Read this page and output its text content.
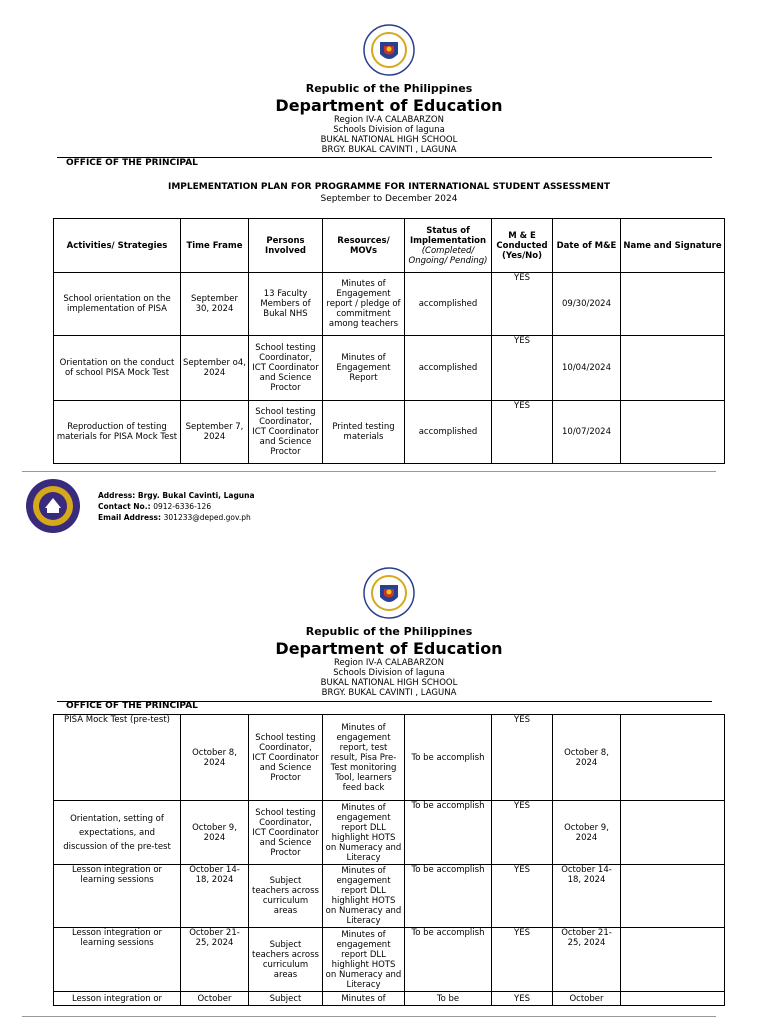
Republic of the Philippines
Department of Education
Region IV-A CALABARZON
Schools Division of laguna
BUKAL NATIONAL HIGH SCHOOL
BRGY. BUKAL CAVINTI , LAGUNA
OFFICE OF THE PRINCIPAL
IMPLEMENTATION PLAN FOR PROGRAMME FOR INTERNATIONAL STUDENT ASSESSMENT
September to December 2024
Activities/ Strategies	Time Frame	Persons Involved	Resources/ MOVs	Status of Implementation (Completed/ Ongoing/ Pending)	M & E Conducted (Yes/No)	Date of M&E	Name and Signature
School orientation on the implementation of PISA	September 30, 2024	13 Faculty Members of Bukal NHS	Minutes of Engagement report / pledge of commitment among teachers	accomplished	YES	09/30/2024	
Orientation on the conduct of school PISA Mock Test	September o4, 2024	School testing Coordinator, ICT Coordinator and Science Proctor	Minutes of Engagement Report	accomplished	YES	10/04/2024	
Reproduction of testing materials for PISA Mock Test	September 7, 2024	School testing Coordinator, ICT Coordinator and Science Proctor	Printed testing materials	accomplished	YES	10/07/2024	
Address: Brgy. Bukal Cavinti, Laguna
Contact No.: 0912-6336-126
Email Address: 301233@deped.gov.ph
Republic of the Philippines
Department of Education
Region IV-A CALABARZON
Schools Division of laguna
BUKAL NATIONAL HIGH SCHOOL
BRGY. BUKAL CAVINTI , LAGUNA
OFFICE OF THE PRINCIPAL
PISA Mock Test (pre-test)	October 8, 2024	School testing Coordinator, ICT Coordinator and Science Proctor	Minutes of engagement report, test result, Pisa Pre-Test monitoring Tool, learners feed back	To be accomplish	YES	October 8, 2024	
Orientation, setting of expectations, and discussion of the pre-test	October 9, 2024	School testing Coordinator, ICT Coordinator and Science Proctor	Minutes of engagement report DLL highlight HOTS on Numeracy and Literacy	To be accomplish	YES	October 9, 2024	
Lesson integration or learning sessions	October 14-18, 2024	Subject teachers across curriculum areas	Minutes of engagement report DLL highlight HOTS on Numeracy and Literacy	To be accomplish	YES	October 14-18, 2024	
Lesson integration or learning sessions	October 21-25, 2024	Subject teachers across curriculum areas	Minutes of engagement report DLL highlight HOTS on Numeracy and Literacy	To be accomplish	YES	October 21-25, 2024	
Lesson integration or	October	Subject	Minutes of	To be	YES	October	
